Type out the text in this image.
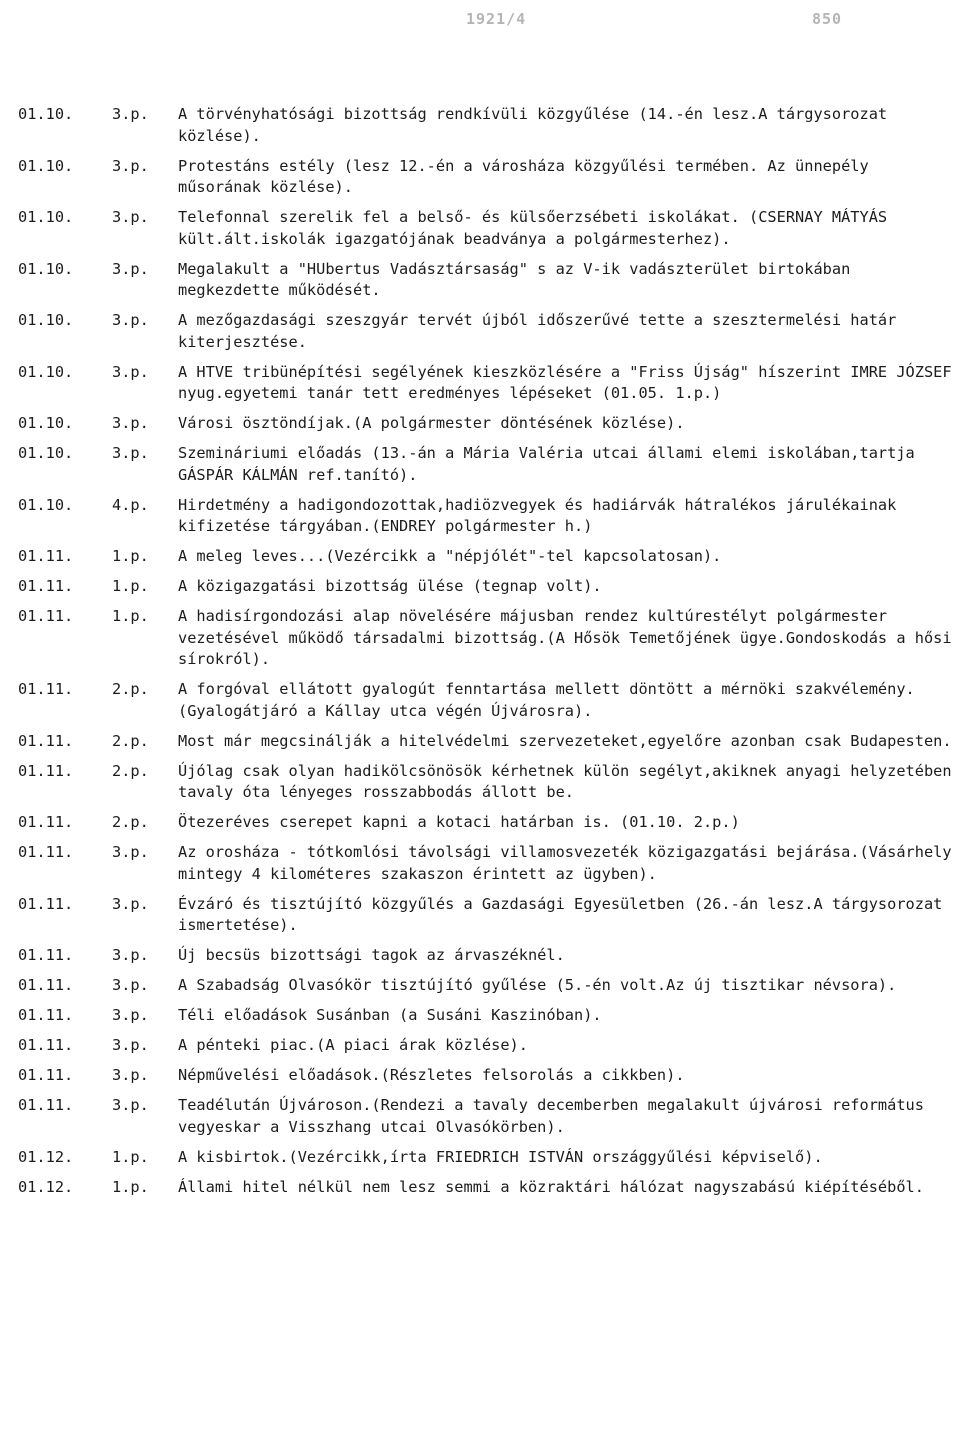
1921/4	850
01.10.	3.p.	A törvényhatósági bizottság rendkívüli közgyűlése (14.-én lesz.A tárgysorozat közlése).
01.10.	3.p.	Protestáns estély (lesz 12.-én a városháza közgyűlési termében. Az ünnepély műsorának közlése).
01.10.	3.p.	Telefonnal szerelik fel a belső- és külsőerzsébeti iskolákat. (CSERNAY MÁTYÁS kült.ált.iskolák igazgatójának beadványa a polgármesterhez).
01.10.	3.p.	Megalakult a "HUbertus Vadásztársaság" s az V-ik vadászterület birtokában megkezdette működését.
01.10.	3.p.	A mezőgazdasági szeszgyár tervét újból időszerűvé tette a szesztermelési határ kiterjesztése.
01.10.	3.p.	A HTVE tribünépítési segélyének kieszközlésére a "Friss Újság" híszerint IMRE JÓZSEF nyug.egyetemi tanár tett eredményes lépéseket (01.05. 1.p.)
01.10.	3.p.	Városi ösztöndíjak.(A polgármester döntésének közlése).
01.10.	3.p.	Szemináriumi előadás (13.-án a Mária Valéria utcai állami elemi iskolában,tartja GÁSPÁR KÁLMÁN ref.tanító).
01.10.	4.p.	Hirdetmény a hadigondozottak,hadiözvegyek és hadiárvák hátralékos járulékainak kifizetése tárgyában.(ENDREY polgármester h.)
01.11.	1.p.	A meleg leves...(Vezércikk a "népjólét"-tel kapcsolatosan).
01.11.	1.p.	A közigazgatási bizottság ülése (tegnap volt).
01.11.	1.p.	A hadisírgondozási alap növelésére májusban rendez kultúrestélyt polgármester vezetésével működő társadalmi bizottság.(A Hősök Temetőjének ügye.Gondoskodás a hősi sírokról).
01.11.	2.p.	A forgóval ellátott gyalogút fenntartása mellett döntött a mérnöki szakvélemény.(Gyalogátjáró a Kállay utca végén Újvárosra).
01.11.	2.p.	Most már megcsinálják a hitelvédelmi szervezeteket,egyelőre azonban csak Budapesten.
01.11.	2.p.	Újólag csak olyan hadikölcsönösök kérhetnek külön segélyt,akiknek anyagi helyzetében tavaly óta lényeges rosszabbodás állott be.
01.11.	2.p.	Ötezeréves cserepet kapni a kotaci határban is. (01.10. 2.p.)
01.11.	3.p.	Az orosháza - tótkomlósi távolsági villamosvezeték közigazgatási bejárása.(Vásárhely mintegy 4 kilométeres szakaszon érintett az ügyben).
01.11.	3.p.	Évzáró és tisztújító közgyűlés a Gazdasági Egyesületben (26.-án lesz.A tárgysorozat ismertetése).
01.11.	3.p.	Új becsüs bizottsági tagok az árvaszéknél.
01.11.	3.p.	A Szabadság Olvasókör tisztújító gyűlése (5.-én volt.Az új tisztikar névsora).
01.11.	3.p.	Téli előadások Susánban (a Susáni Kaszinóban).
01.11.	3.p.	A pénteki piac.(A piaci árak közlése).
01.11.	3.p.	Népművelési előadások.(Részletes felsorolás a cikkben).
01.11.	3.p.	Teadélután Újvároson.(Rendezi a tavaly decemberben megalakult újvárosi református vegyeskar a Visszhang utcai Olvasókörben).
01.12.	1.p.	A kisbirtok.(Vezércikk,írta FRIEDRICH ISTVÁN országgyűlési képviselő).
01.12.	1.p.	Állami hitel nélkül nem lesz semmi a közraktári hálózat nagyszabású kiépítéséből.
